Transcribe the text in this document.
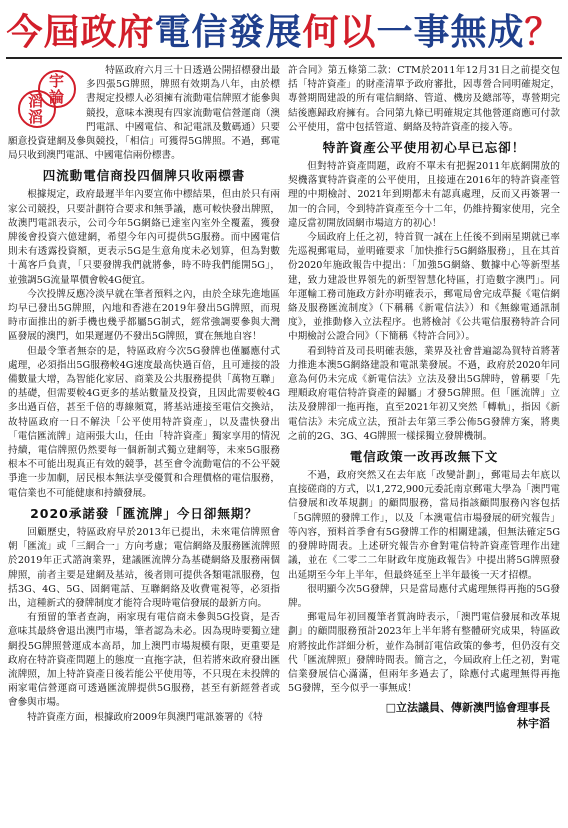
今屆政府 電信發展 何以 一事無成 ？
宇
論
滔
滔

特區政府六月三十日透過公開招標發出最多四張5G牌照，牌照有效期為八年，由於標書規定投標人必須擁有流動電信牌照才能參與競投，意味本澳現有四家流動電信營運商（澳門電訊、中國電信、和記電訊及數碼通）只要願意投資建網及參與競投，「相信」可獲得5G牌照。不過，郵電局只收到澳門電訊、中國電信兩份標書。

四流動電信商投四個牌只收兩標書

根據規定，政府最遲半年內要宣佈中標結果，但由於只有兩家公司競投，只要計劃符合要求和無爭議，應可較快發出牌照，故澳門電訊表示，公司今年5G網絡已達室內室外全覆蓋，獲發牌後會投資六億建網，希望今年內可提供5G服務。而中國電信則未有透露投資額，更表示5G是生意角度未必划算，但為對數十萬客戶負責，「只要發牌我們就將參，時不時我們能開5G」，並強調5G流量單價會較4G便宜。

今次投牌反應冷淡早就在筆者預料之內，由於全球先進地區均早已發出5G牌照，內地和香港在2019年發出5G牌照，而現時市面推出的新手機也幾乎都屬5G制式，經常強調要參與大灣區發展的澳門，如果遲遲仍不發出5G牌照，實在無地自容！

但最令筆者無奈的是，特區政府今次5G發牌也僅屬應付式處理，必須指出5G服務較4G速度最高快過百倍，且可連接的設備數量大增，為智能化家居、商業及公共服務提供「萬物互聯」的基礎，但需要較4G更多的基站數量及投資，且因此需要較4G多出過百倍，甚至千倍的專線頻寬，將基站連接至電信交換站，故特區政府一日不解決「公平使用特許資產」，以及盡快發出「電信匯流牌」這兩張大山，任由「特許資產」獨家享用的情況持續，電信牌照仍然要每一個新制式獨立建網等，未來5G服務根本不可能出現真正有效的競爭，甚至會令流動電信的不公平競爭進一步加劇，居民根本無法享受優質和合理價格的電信服務，電信業也不可能健康和持續發展。

2020承諾發「匯流牌」今日卻無期？

回顧歷史，特區政府早於2013年已提出，未來電信牌照會朝「匯流」或「三網合一」方向考慮；電信網絡及服務匯流牌照於2019年正式諮詢業界，建議匯流牌分為基礎網絡及服務兩個牌照，前者主要是建網及基站，後者則可提供各類電訊服務，包括3G、4G、5G、固網電話、互聯網絡及收費電視等，必須指出，這種新式的發牌制度才能符合現時電信發展的最新方向。

有預留的筆者查詢，兩家現有電信商未參與5G投資，是否意味其最終會退出澳門市場，筆者認為未必。因為現時要獨立建網投5G牌照營運成本高昂，加上澳門市場規模有限，更重要是政府在特許資產問題上的態度一直拖字訣，但若將來政府發出匯流牌照，加上特許資產日後若能公平使用等，不只現在未投牌的兩家電信營運商可透過匯流牌提供5G服務，甚至有新經營者或會參與市場。

特許資產方面，根據政府2009年與澳門電訊簽署的《特

許合同》第五條第二款：CTM於2011年12月31日之前提交包括「特許資產」的財產清單予政府審批，因專營合同明確規定，專營期間建設的所有電信網絡、管道、機房及總部等，專營期完結後應歸政府擁有。合同第九條已明確規定其他營運商應可付款公平使用，當中包括管道、網絡及特許資產的接入等。

特許資產公平使用初心早已忘卻！

但對特許資產問題，政府不單未有把握2011年底網開放的契機落實特許資產的公平使用，且接連在2016年的特許資產管理的中期檢討、2021年到期都未有認真處理，反而又再簽署一加一的合同，令到特許資產至今十二年，仍維持獨家使用，完全違反當初開放固網市場這方的初心！

今屆政府上任之初，特首賀一誠在上任後不到兩星期就已率先巡視郵電局，並明確要求「加快推行5G網絡服務」，且在其首份2020年施政報告中提出：「加強5G網絡、數據中心等新型基建，致力建設世界領先的新型智慧化特區，打造數字澳門」。同年運輸工務司施政方針亦明確表示，郵電局會完成草擬《電信網絡及服務匯流制度》（下稱稱《新電信法》）和《無線電通訊制度》，並推動修入立法程序。也將檢討《公共電信服務特許合同中期檢討公證合同》（下簡稱《特許合同》）。

看到特首及司長明確表態，業界及社會普遍認為賀特首將著力推進本澳5G網絡建設和電訊業發展。不過，政府於2020年同意為何仍未完成《新電信法》立法及發出5G牌時，曾稱要「先理順政府電信特許資產的歸屬」才發5G牌照。但「匯流牌」立法及發牌卻一拖再拖，直至2021年初又突然「轉軌」，指因《新電信法》未完成立法，預計去年第三季公佈5G發牌方案，將奧之前的2G、3G、4G牌照一樣採獨立發牌機制。

電信政策一改再改無下文

不過，政府突然又在去年底「改變計劃」，郵電局去年底以直接磋商的方式，以1,272,900元委託南京郵電大學為「澳門電信發展和改革規劃」的顧問服務，當局指該顧問服務內容包括「5G牌照的發牌工作」，以及「本澳電信市場發展的研究報告」等內容，預料首季會有5G發牌工作的相關建議，但無法確定5G的發牌時間表。上述研究報告亦會對電信特許資產管理作出建議，並在《二零二二年財政年度施政報告》中提出將5G牌照發出延期至今年上半年，但最終延至上半年最後一天才招標。

很明顯今次5G發牌，只是當局應付式處理無得再拖的5G發牌。

郵電局年初回覆筆者質詢時表示，「澳門電信發展和改革規劃」的顧問服務預計2023年上半年將有整體研究成果，特區政府將按此作詳細分析，並作為制訂電信政策的參考，但仍沒有交代「匯流牌照」發牌時間表。簡言之，今屆政府上任之初，對電信業發展信心滿滿，但兩年多過去了，除應付式處理無得再拖5G發牌，至今似乎一事無成！

□立法議員、傳新澳門協會理事長
林宇滔
